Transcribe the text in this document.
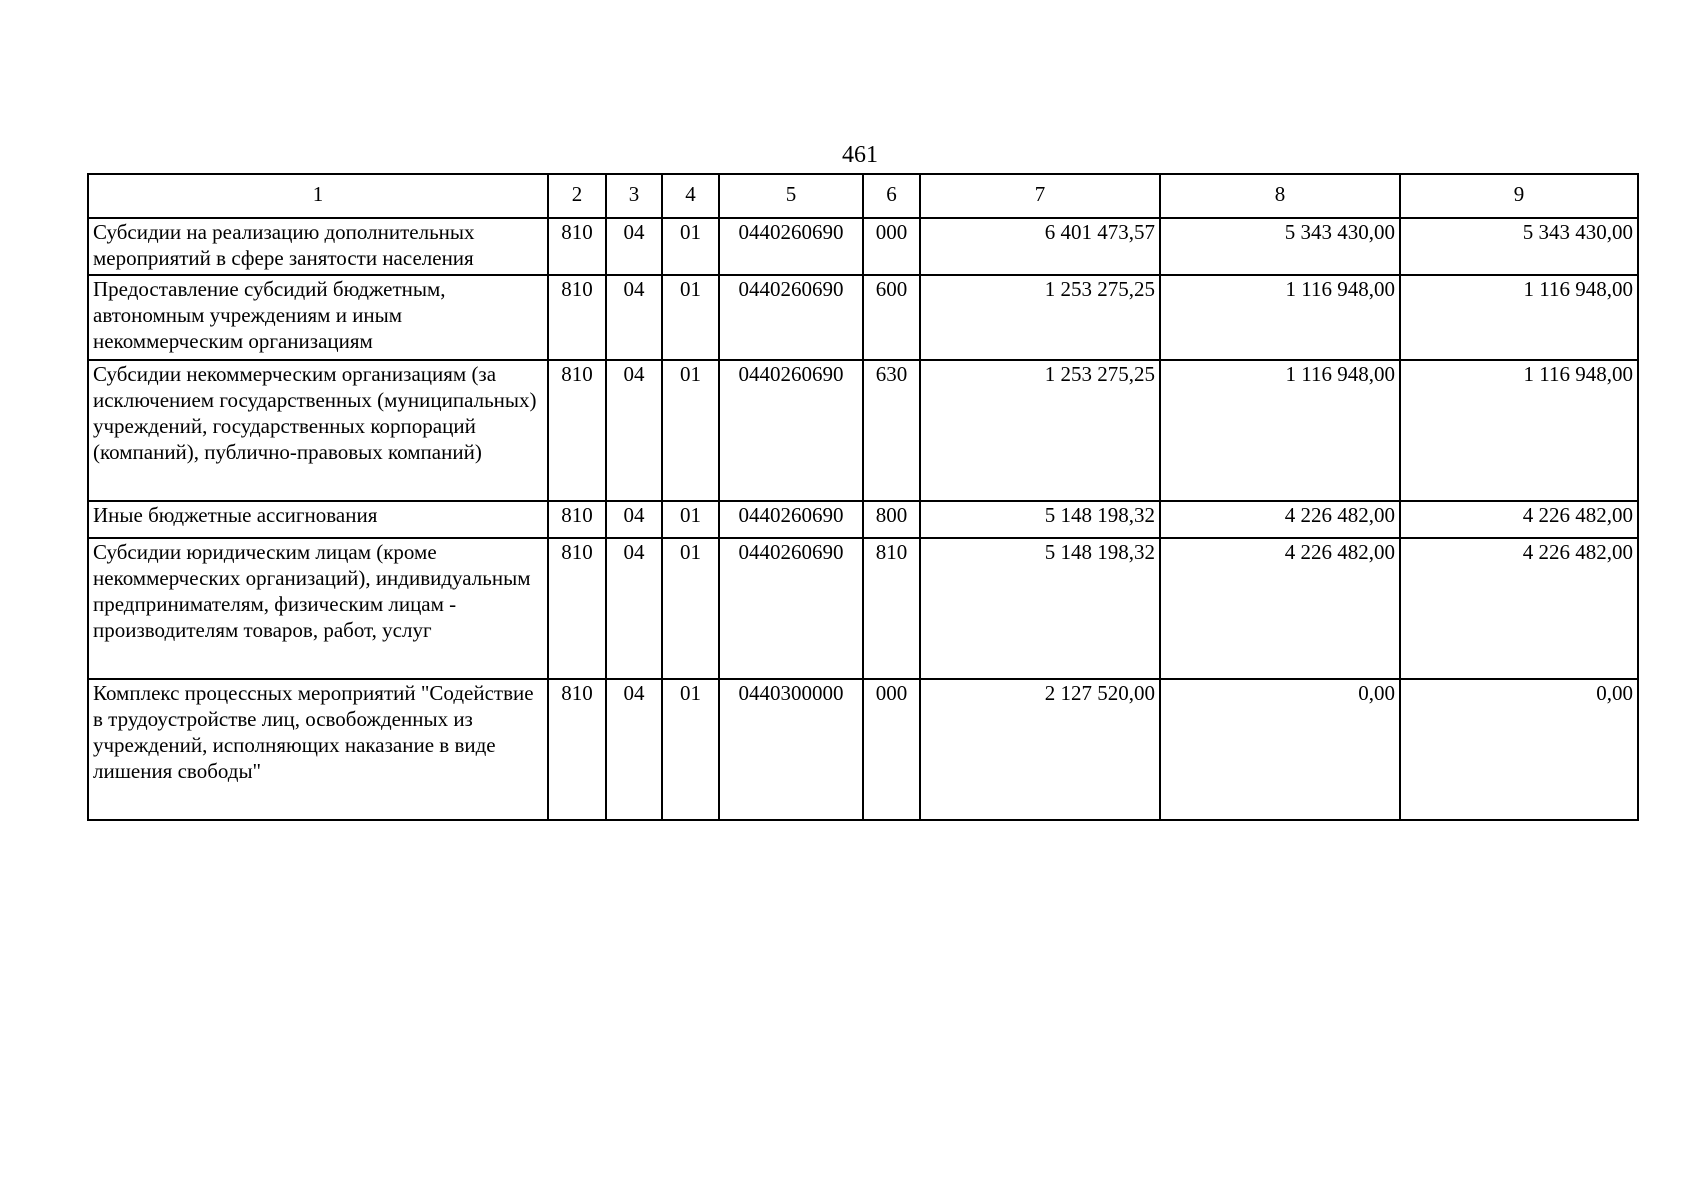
461
1	2	3	4	5	6	7	8	9
Субсидии на реализацию дополнительных мероприятий в сфере занятости населения	810	04	01	0440260690	000	6 401 473,57	5 343 430,00	5 343 430,00
Предоставление субсидий бюджетным, автономным учреждениям и иным некоммерческим организациям	810	04	01	0440260690	600	1 253 275,25	1 116 948,00	1 116 948,00
Субсидии некоммерческим организациям (за исключением государственных (муниципальных) учреждений, государственных корпораций (компаний), публично-правовых компаний)	810	04	01	0440260690	630	1 253 275,25	1 116 948,00	1 116 948,00
Иные бюджетные ассигнования	810	04	01	0440260690	800	5 148 198,32	4 226 482,00	4 226 482,00
Субсидии юридическим лицам (кроме некоммерческих организаций), индивидуальным предпринимателям, физическим лицам - производителям товаров, работ, услуг	810	04	01	0440260690	810	5 148 198,32	4 226 482,00	4 226 482,00
Комплекс процессных мероприятий "Содействие в трудоустройстве лиц, освобожденных из учреждений, исполняющих наказание в виде лишения свободы"	810	04	01	0440300000	000	2 127 520,00	0,00	0,00
